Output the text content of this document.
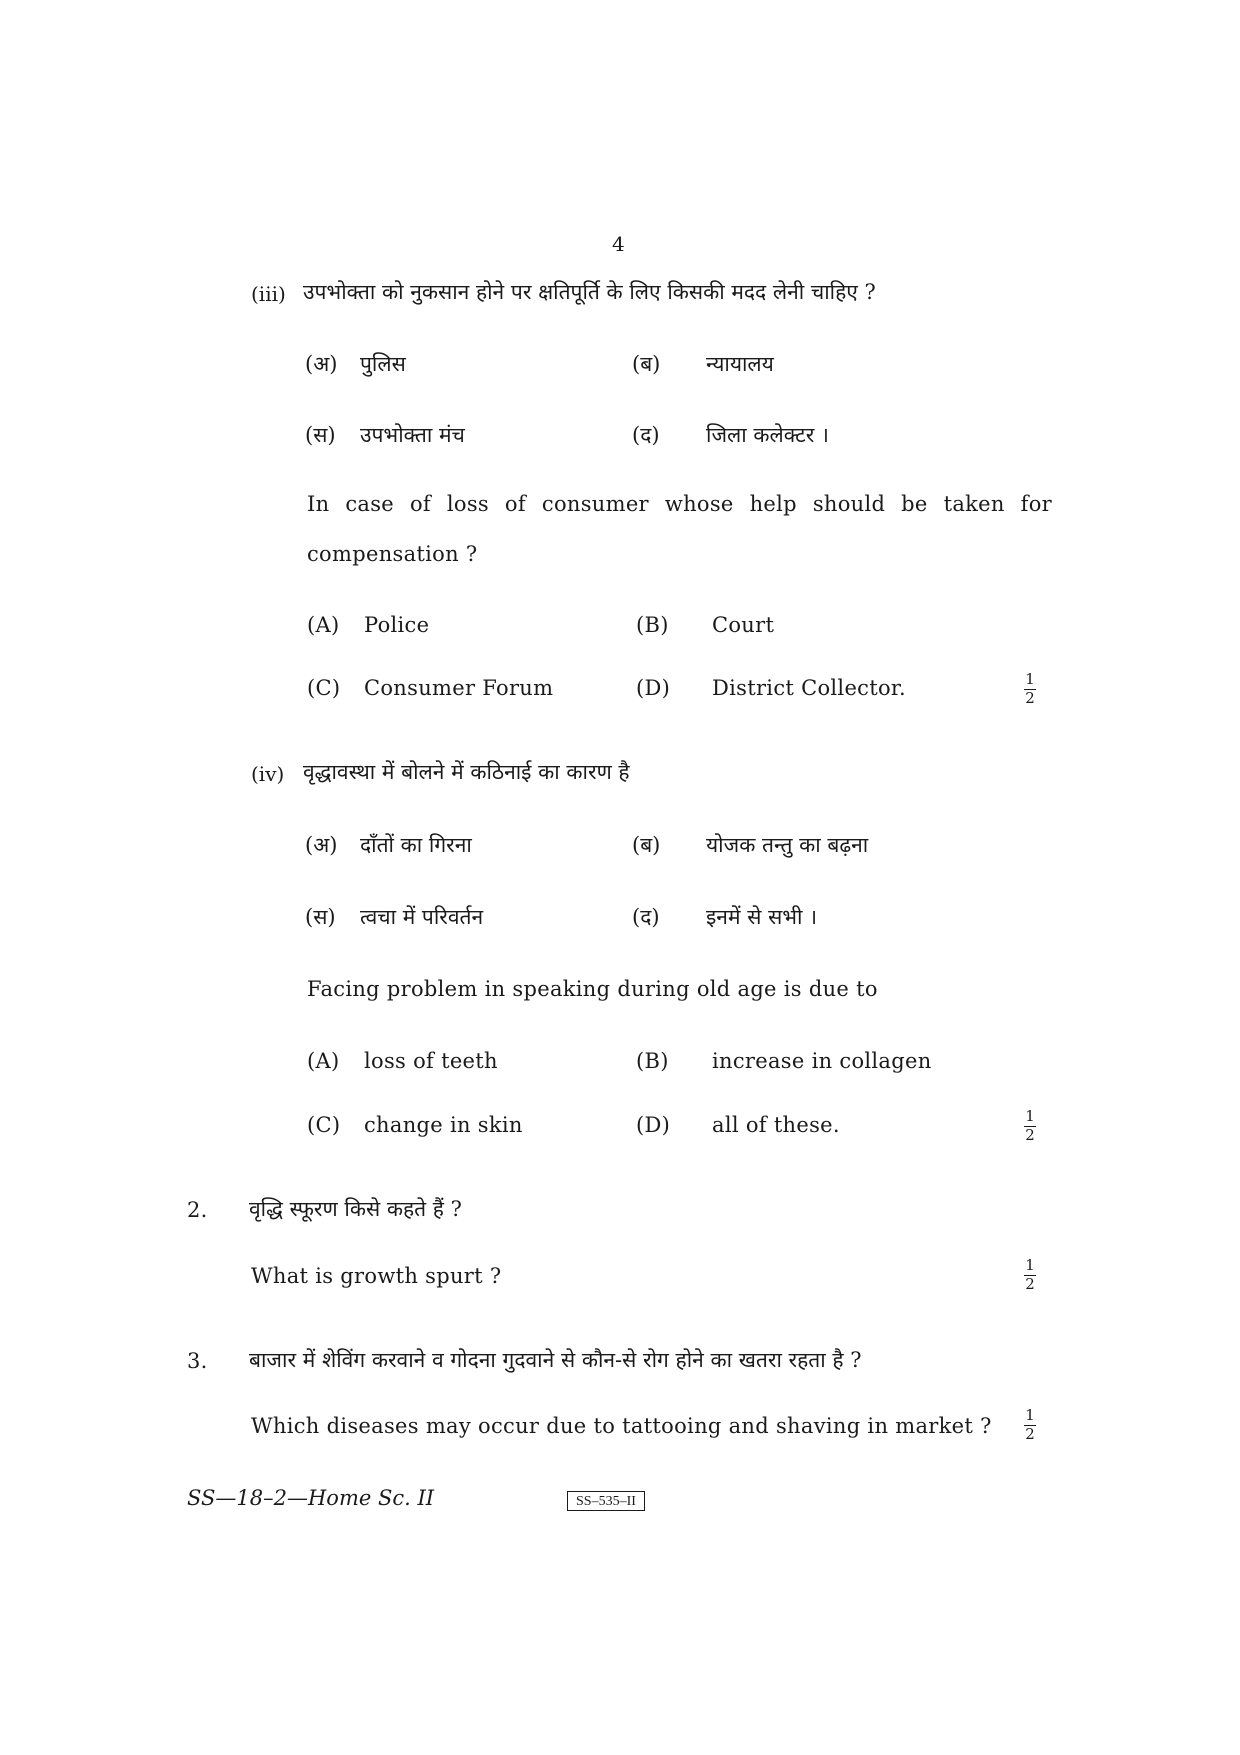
4
(iii) उपभोक्ता को नुकसान होने पर क्षतिपूर्ति के लिए किसकी मदद लेनी चाहिए ?
(अ) पुलिस	(ब) न्यायालय
(स) उपभोक्ता मंच	(द) जिला कलेक्टर ।
In case of loss of consumer whose help should be taken for
compensation ?
(A) Police	(B) Court
(C) Consumer Forum	(D) District Collector.	1
2
(iv) वृद्धावस्था में बोलने में कठिनाई का कारण है
(अ) दाँतों का गिरना	(ब) योजक तन्तु का बढ़ना
(स) त्वचा में परिवर्तन	(द) इनमें से सभी ।
Facing problem in speaking during old age is due to
(A) loss of teeth	(B) increase in collagen
(C) change in skin	(D) all of these.	1
2
2. वृद्धि स्फूरण किसे कहते हैं ?
What is growth spurt ?	1
2
3. बाजार में शेविंग करवाने व गोदना गुदवाने से कौन-से रोग होने का खतरा रहता है ?
Which diseases may occur due to tattooing and shaving in market ? 1
2
SS—18–2—Home Sc. II	SS–535–II
